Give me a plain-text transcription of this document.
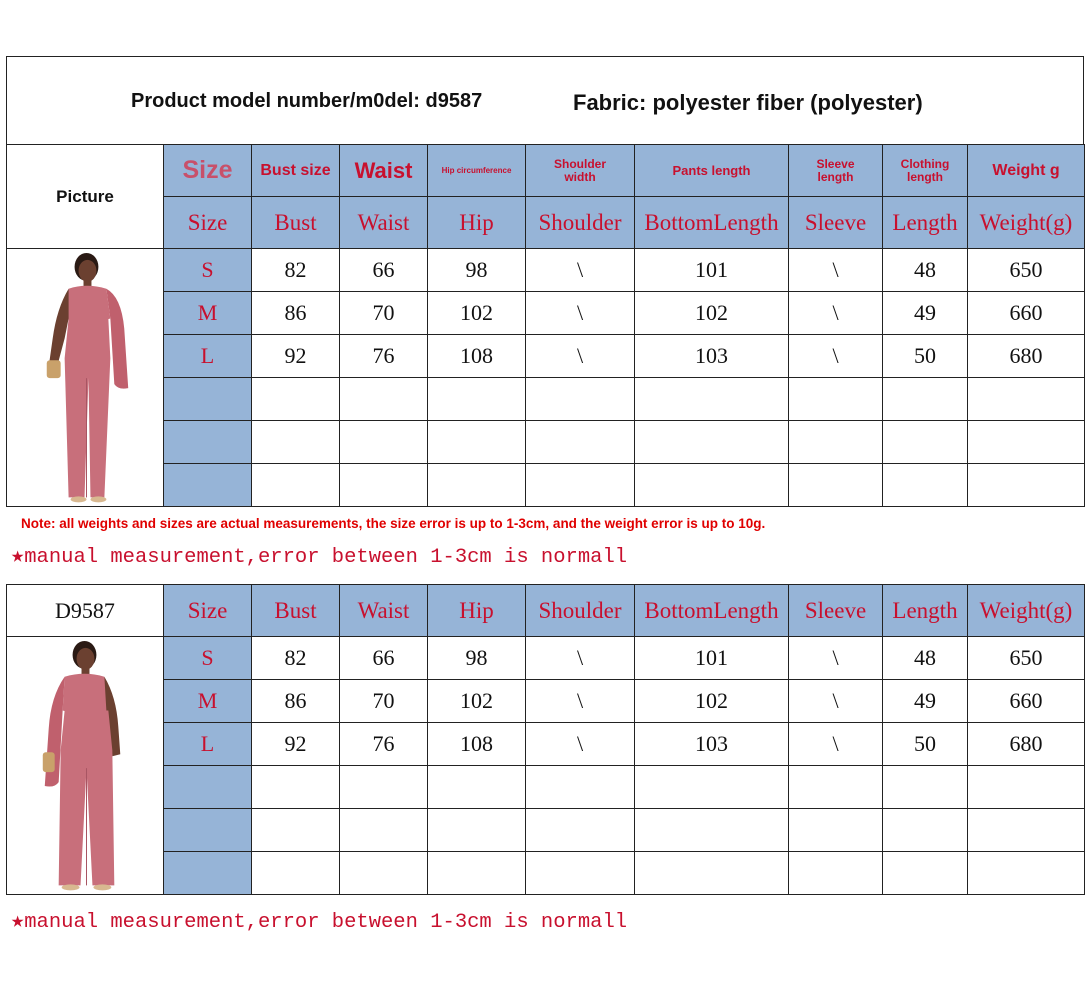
Product model number/m0del: d9587	Fabric: polyester fiber (polyester)
Picture	Size	Bust size	Waist	Hip circumference	Shoulder width	Pants length	Sleeve length	Clothing length	Weight g
	Size	Bust	Waist	Hip	Shoulder	BottomLength	Sleeve	Length	Weight(g)

	S	82	66	98	\	101	\	48	650
	M	86	70	102	\	102	\	49	660
	L	92	76	108	\	103	\	50	680

Note: all weights and sizes are actual measurements, the size error is up to 1-3cm, and the weight error is up to 10g.
★manual measurement,error between 1-3cm is normall
D9587	Size	Bust	Waist	Hip	Shoulder	BottomLength	Sleeve	Length	Weight(g)

	S	82	66	98	\	101	\	48	650
	M	86	70	102	\	102	\	49	660
	L	92	76	108	\	103	\	50	680

★manual measurement,error between 1-3cm is normall
